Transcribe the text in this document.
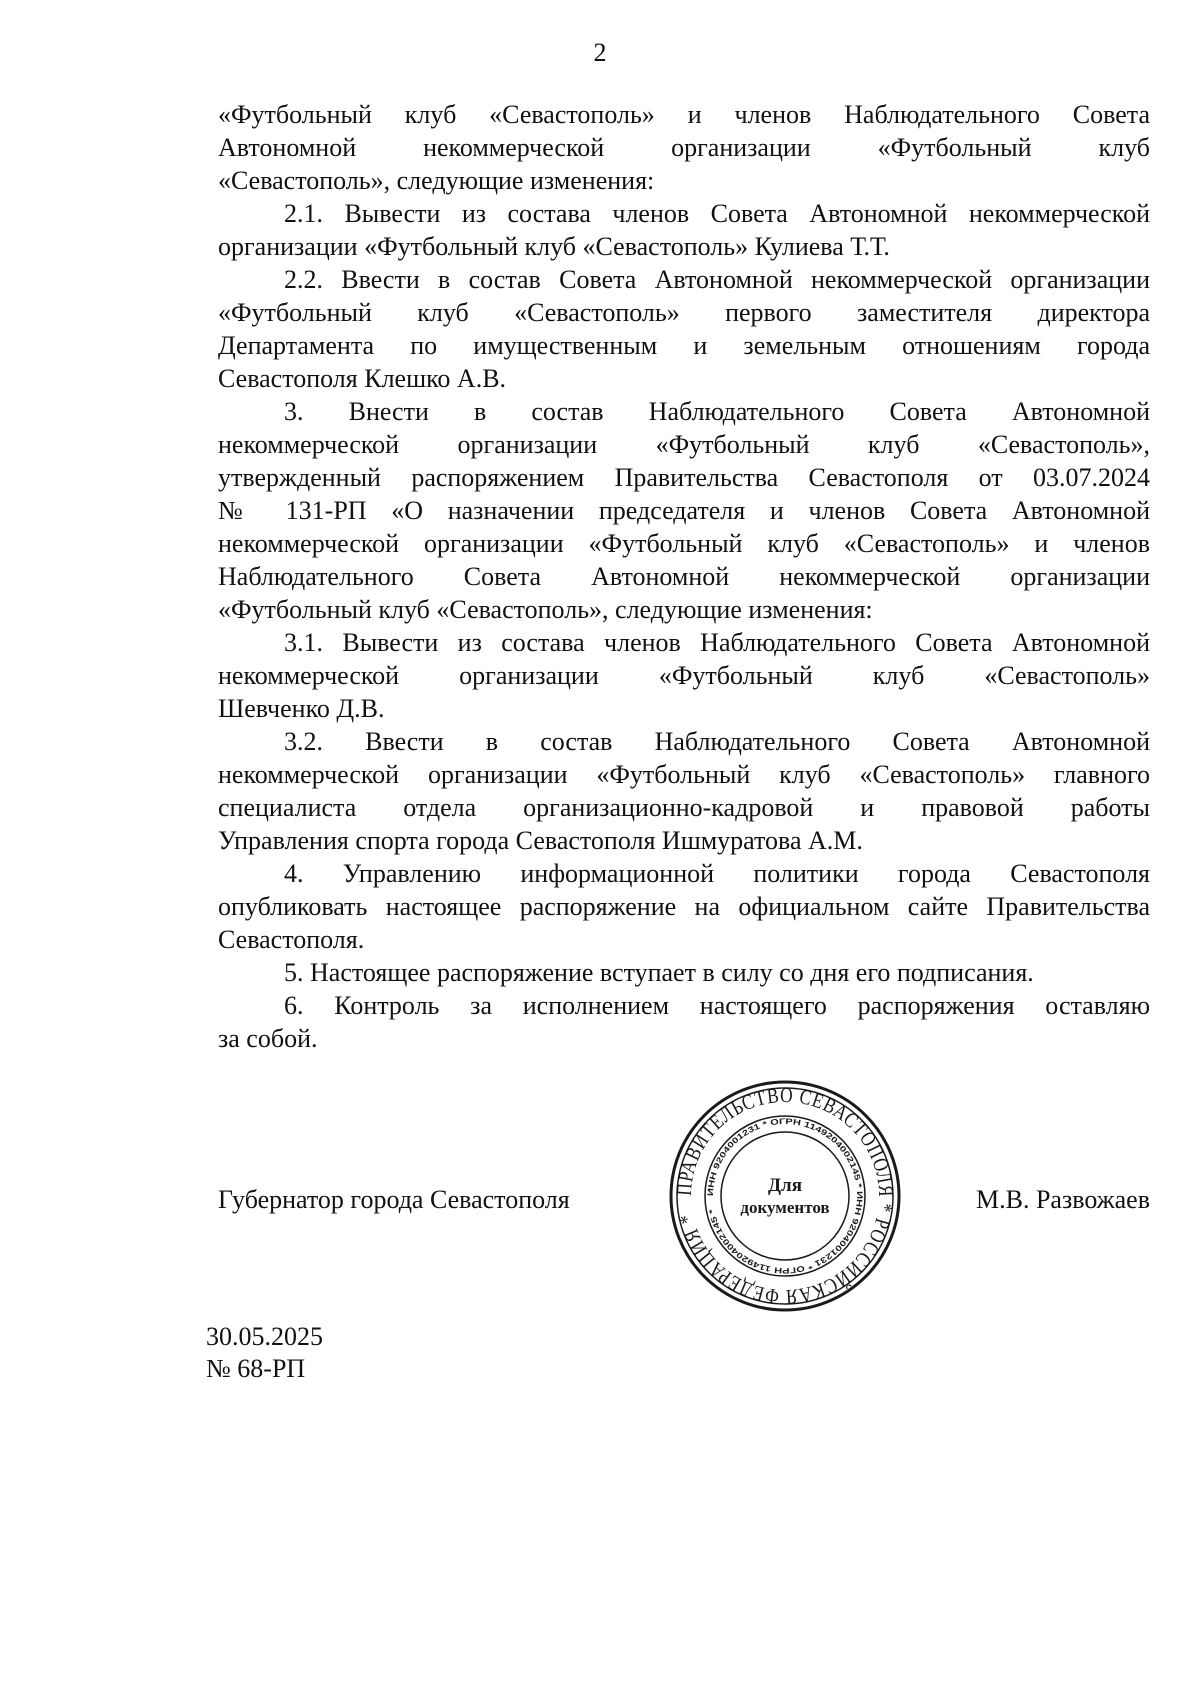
2
«Футбольный клуб «Севастополь» и членов Наблюдательного Совета
Автономной некоммерческой организации «Футбольный клуб
«Севастополь», следующие изменения:
2.1. Вывести из состава членов Совета Автономной некоммерческой
организации «Футбольный клуб «Севастополь» Кулиева Т.Т.
2.2. Ввести в состав Совета Автономной некоммерческой организации
«Футбольный клуб «Севастополь» первого заместителя директора
Департамента по имущественным и земельным отношениям города
Севастополя Клешко А.В.
3. Внести в состав Наблюдательного Совета Автономной
некоммерческой организации «Футбольный клуб «Севастополь»,
утвержденный распоряжением Правительства Севастополя от 03.07.2024
№ 131-РП «О назначении председателя и членов Совета Автономной
некоммерческой организации «Футбольный клуб «Севастополь» и членов
Наблюдательного Совета Автономной некоммерческой организации
«Футбольный клуб «Севастополь», следующие изменения:
3.1. Вывести из состава членов Наблюдательного Совета Автономной
некоммерческой организации «Футбольный клуб «Севастополь»
Шевченко Д.В.
3.2. Ввести в состав Наблюдательного Совета Автономной
некоммерческой организации «Футбольный клуб «Севастополь» главного
специалиста отдела организационно-кадровой и правовой работы
Управления спорта города Севастополя Ишмуратова А.М.
4. Управлению информационной политики города Севастополя
опубликовать настоящее распоряжение на официальном сайте Правительства
Севастополя.
5. Настоящее распоряжение вступает в силу со дня его подписания.
6. Контроль за исполнением настоящего распоряжения оставляю
за собой.
Губернатор города Севастополя	М.В. Развожаев
ПРАВИТЕЛЬСТВО СЕВАСТОПОЛЯ * РОССИЙСКАЯ ФЕДЕРАЦИЯ *
ИНН 9204001231 * ОГРН 1149204002145 * ИНН 9204001231 * ОГРН 1149204002145 *
Для
документов
30.05.2025
№ 68-РП
